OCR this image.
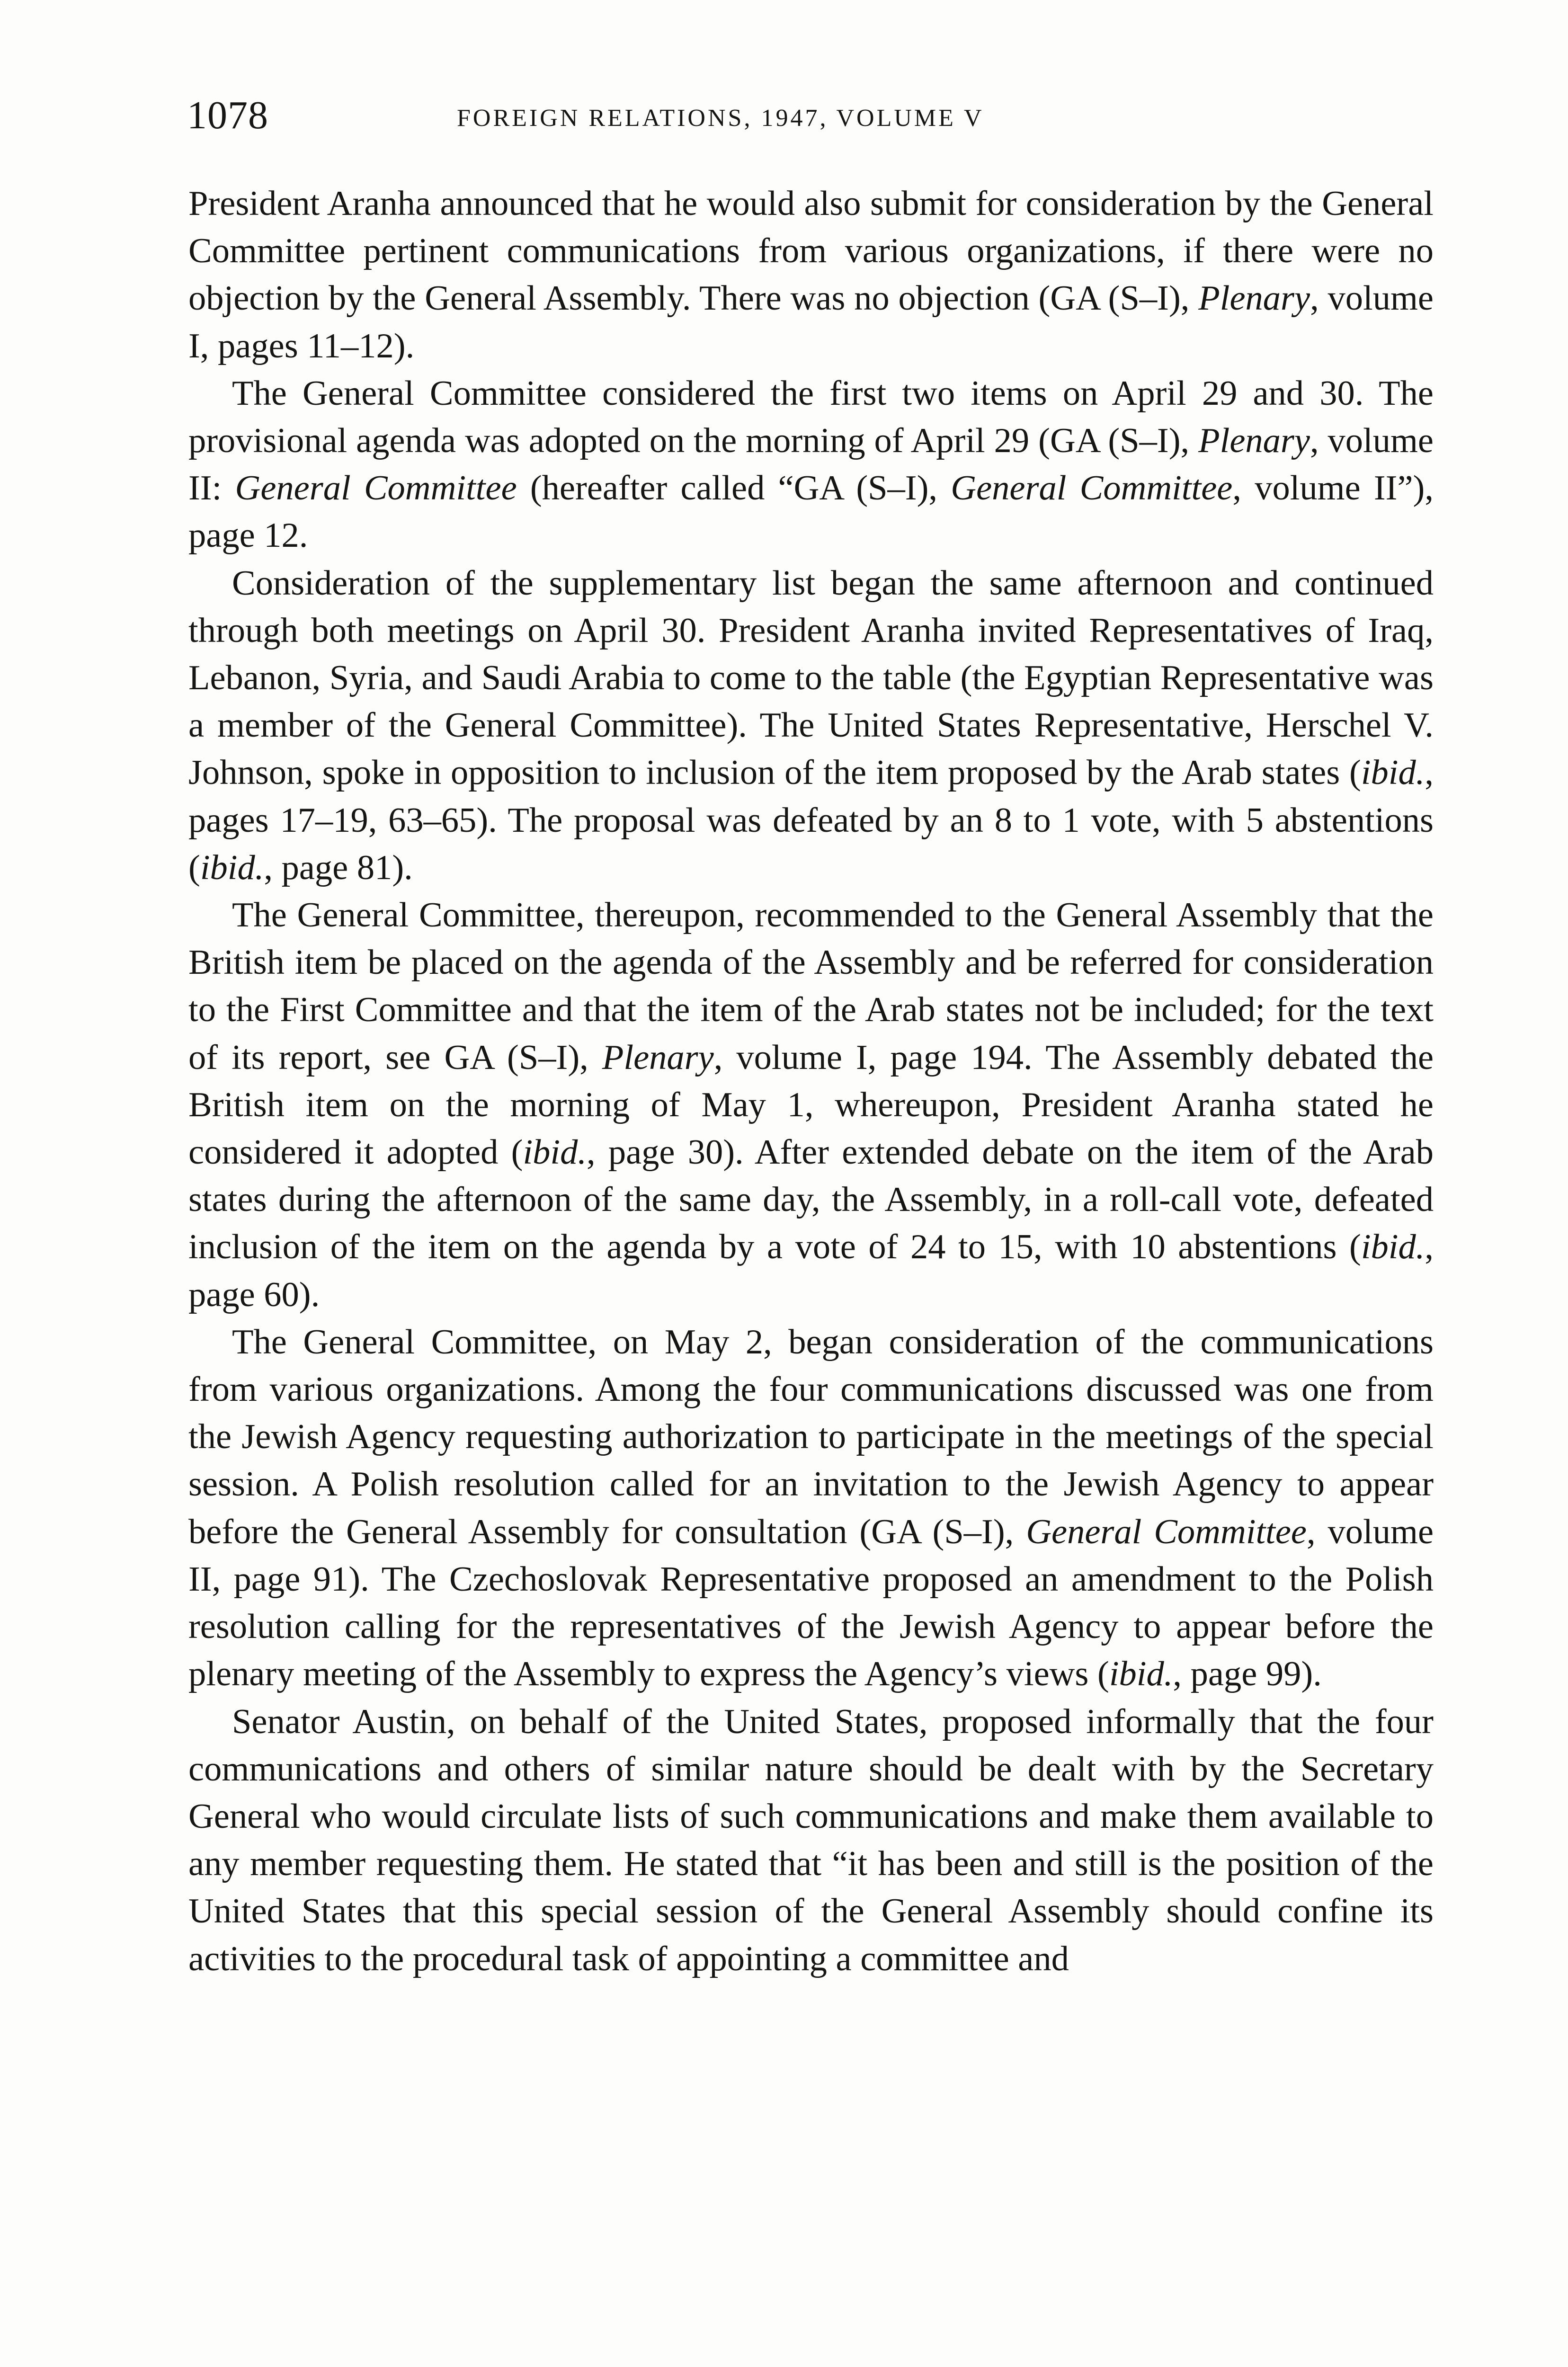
1078	FOREIGN RELATIONS, 1947, VOLUME V

President Aranha announced that he would also submit for consideration by the General Committee pertinent communications from various organizations, if there were no objection by the General Assembly. There was no objection (GA (S–I), Plenary, volume I, pages 11–12).

The General Committee considered the first two items on April 29 and 30. The provisional agenda was adopted on the morning of April 29 (GA (S–I), Plenary, volume II: General Committee (hereafter called “GA (S–I), General Committee, volume II”), page 12.

Consideration of the supplementary list began the same afternoon and continued through both meetings on April 30. President Aranha invited Representatives of Iraq, Lebanon, Syria, and Saudi Arabia to come to the table (the Egyptian Representative was a member of the General Committee). The United States Representative, Herschel V. Johnson, spoke in opposition to inclusion of the item proposed by the Arab states (ibid., pages 17–19, 63–65). The proposal was defeated by an 8 to 1 vote, with 5 abstentions (ibid., page 81).

The General Committee, thereupon, recommended to the General Assembly that the British item be placed on the agenda of the Assembly and be referred for consideration to the First Committee and that the item of the Arab states not be included; for the text of its report, see GA (S–I), Plenary, volume I, page 194. The Assembly debated the British item on the morning of May 1, whereupon, President Aranha stated he considered it adopted (ibid., page 30). After extended debate on the item of the Arab states during the afternoon of the same day, the Assembly, in a roll-call vote, defeated inclusion of the item on the agenda by a vote of 24 to 15, with 10 abstentions (ibid., page 60).

The General Committee, on May 2, began consideration of the communications from various organizations. Among the four communications discussed was one from the Jewish Agency requesting authorization to participate in the meetings of the special session. A Polish resolution called for an invitation to the Jewish Agency to appear before the General Assembly for consultation (GA (S–I), General Committee, volume II, page 91). The Czechoslovak Representative proposed an amendment to the Polish resolution calling for the representatives of the Jewish Agency to appear before the plenary meeting of the Assembly to express the Agency’s views (ibid., page 99).

Senator Austin, on behalf of the United States, proposed informally that the four communications and others of similar nature should be dealt with by the Secretary General who would circulate lists of such communications and make them available to any member requesting them. He stated that “it has been and still is the position of the United States that this special session of the General Assembly should confine its activities to the procedural task of appointing a committee and
